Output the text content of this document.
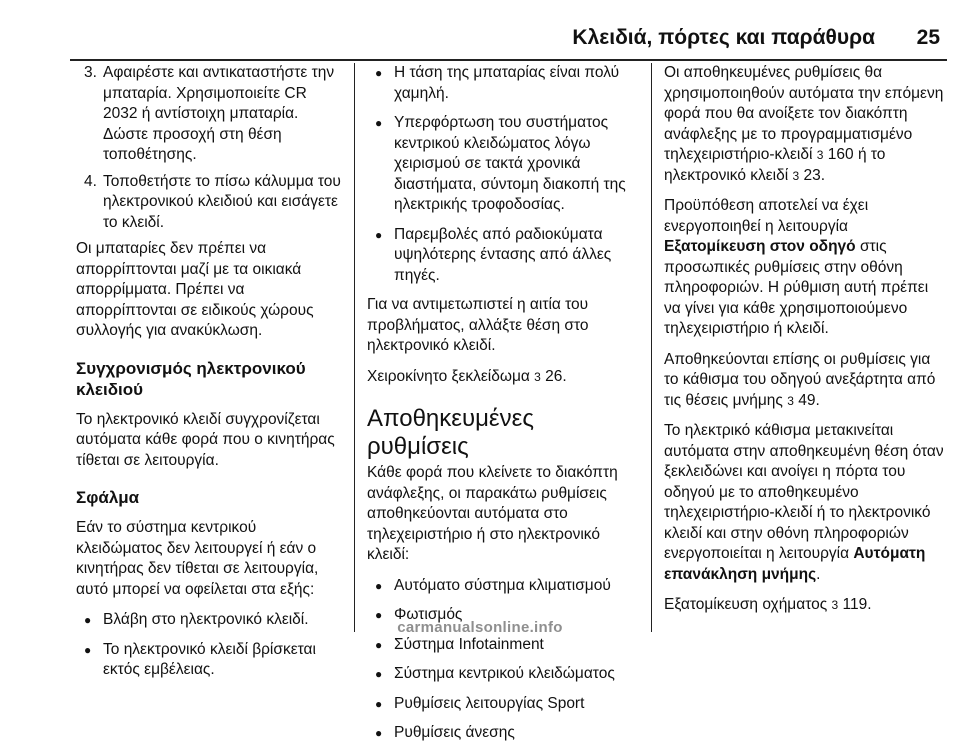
Κλειδιά, πόρτες και παράθυρα 25
3. Αφαιρέστε και αντικαταστήστε την μπαταρία. Χρησιμοποιείτε CR 2032 ή αντίστοιχη μπαταρία. Δώστε προσοχή στη θέση τοποθέτησης.
4. Τοποθετήστε το πίσω κάλυμμα του ηλεκτρονικού κλειδιού και εισάγετε το κλειδί.

Οι μπαταρίες δεν πρέπει να απορρίπτονται μαζί με τα οικιακά απορρίμματα. Πρέπει να απορρίπτονται σε ειδικούς χώρους συλλογής για ανακύκλωση.

Συγχρονισμός ηλεκτρονικού κλειδιού

Το ηλεκτρονικό κλειδί συγχρονίζεται αυτόματα κάθε φορά που ο κινητήρας τίθεται σε λειτουργία.

Σφάλμα

Εάν το σύστημα κεντρικού κλειδώματος δεν λειτουργεί ή εάν ο κινητήρας δεν τίθεται σε λειτουργία, αυτό μπορεί να οφείλεται στα εξής:

● Βλάβη στο ηλεκτρονικό κλειδί.
● Το ηλεκτρονικό κλειδί βρίσκεται εκτός εμβέλειας.
● Η τάση της μπαταρίας είναι πολύ χαμηλή.
● Υπερφόρτωση του συστήματος κεντρικού κλειδώματος λόγω χειρισμού σε τακτά χρονικά διαστήματα, σύντομη διακοπή της ηλεκτρικής τροφοδοσίας.
● Παρεμβολές από ραδιοκύματα υψηλότερης έντασης από άλλες πηγές.

Για να αντιμετωπιστεί η αιτία του προβλήματος, αλλάξτε θέση στο ηλεκτρονικό κλειδί.

Χειροκίνητο ξεκλείδωμα 3 26.

Αποθηκευμένες ρυθμίσεις

Κάθε φορά που κλείνετε το διακόπτη ανάφλεξης, οι παρακάτω ρυθμίσεις αποθηκεύονται αυτόματα στο τηλεχειριστήριο ή στο ηλεκτρονικό κλειδί:

● Αυτόματο σύστημα κλιματισμού
● Φωτισμός
● Σύστημα Infotainment
● Σύστημα κεντρικού κλειδώματος
● Ρυθμίσεις λειτουργίας Sport
● Ρυθμίσεις άνεσης

Οι αποθηκευμένες ρυθμίσεις θα χρησιμοποιηθούν αυτόματα την επόμενη φορά που θα ανοίξετε τον διακόπτη ανάφλεξης με το προγραμματισμένο τηλεχειριστήριο-κλειδί 3 160 ή το ηλεκτρονικό κλειδί 3 23.

Προϋπόθεση αποτελεί να έχει ενεργοποιηθεί η λειτουργία Εξατομίκευση στον οδηγό στις προσωπικές ρυθμίσεις στην οθόνη πληροφοριών. Η ρύθμιση αυτή πρέπει να γίνει για κάθε χρησιμοποιούμενο τηλεχειριστήριο ή κλειδί.

Αποθηκεύονται επίσης οι ρυθμίσεις για το κάθισμα του οδηγού ανεξάρτητα από τις θέσεις μνήμης 3 49.

Το ηλεκτρικό κάθισμα μετακινείται αυτόματα στην αποθηκευμένη θέση όταν ξεκλειδώνει και ανοίγει η πόρτα του οδηγού με το αποθηκευμένο τηλεχειριστήριο-κλειδί ή το ηλεκτρονικό κλειδί και στην οθόνη πληροφοριών ενεργοποιείται η λειτουργία Αυτόματη επανάκληση μνήμης.

Εξατομίκευση οχήματος 3 119.

carmanualsonline.info
